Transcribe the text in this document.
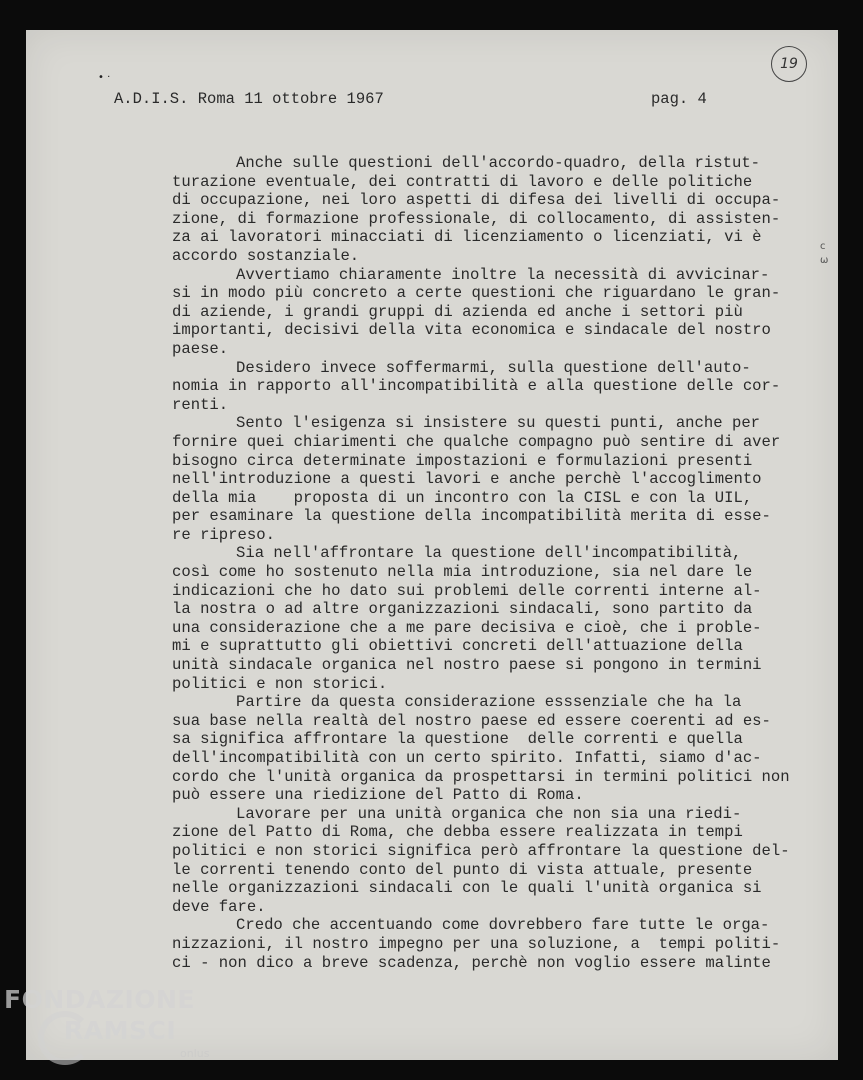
• ·
A.D.I.S. Roma 11 ottobre 1967	pag. 4
19
c ω
Anche sulle questioni dell'accordo-quadro, della ristut-
turazione eventuale, dei contratti di lavoro e delle politiche
di occupazione, nei loro aspetti di difesa dei livelli di occupa-
zione, di formazione professionale, di collocamento, di assisten-
za ai lavoratori minacciati di licenziamento o licenziati, vi è
accordo sostanziale.
Avvertiamo chiaramente inoltre la necessità di avvicinar-
si in modo più concreto a certe questioni che riguardano le gran-
di aziende, i grandi gruppi di azienda ed anche i settori più
importanti, decisivi della vita economica e sindacale del nostro
paese.
Desidero invece soffermarmi, sulla questione dell'auto-
nomia in rapporto all'incompatibilità e alla questione delle cor-
renti.
Sento l'esigenza si insistere su questi punti, anche per
fornire quei chiarimenti che qualche compagno può sentire di aver
bisogno circa determinate impostazioni e formulazioni presenti
nell'introduzione a questi lavori e anche perchè l'accoglimento
della mia    proposta di un incontro con la CISL e con la UIL,
per esaminare la questione della incompatibilità merita di esse-
re ripreso.
Sia nell'affrontare la questione dell'incompatibilità,
così come ho sostenuto nella mia introduzione, sia nel dare le
indicazioni che ho dato sui problemi delle correnti interne al-
la nostra o ad altre organizzazioni sindacali, sono partito da
una considerazione che a me pare decisiva e cioè, che i proble-
mi e suprattutto gli obiettivi concreti dell'attuazione della
unità sindacale organica nel nostro paese si pongono in termini
politici e non storici.
Partire da questa considerazione esssenziale che ha la
sua base nella realtà del nostro paese ed essere coerenti ad es-
sa significa affrontare la questione  delle correnti e quella
dell'incompatibilità con un certo spirito. Infatti, siamo d'ac-
cordo che l'unità organica da prospettarsi in termini politici non
può essere una riedizione del Patto di Roma.
Lavorare per una unità organica che non sia una riedi-
zione del Patto di Roma, che debba essere realizzata in tempi
politici e non storici significa però affrontare la questione del-
le correnti tenendo conto del punto di vista attuale, presente
nelle organizzazioni sindacali con le quali l'unità organica si
deve fare.
Credo che accentuando come dovrebbero fare tutte le orga-
nizzazioni, il nostro impegno per una soluzione, a  tempi politi-
ci - non dico a breve scadenza, perchè non voglio essere malinte
FONDAZIONE
RAMSCI
onlus
